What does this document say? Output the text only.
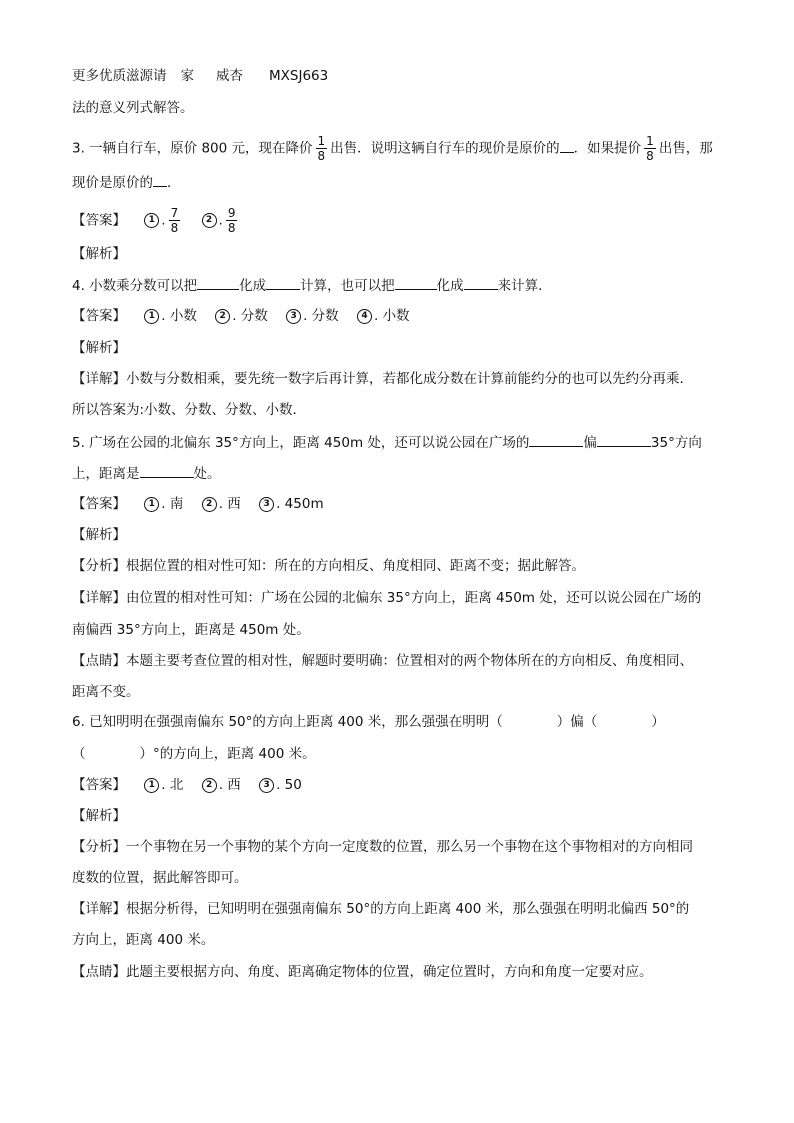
更多优质滋源请 家 威杏 MXSJ663
法的意义列式解答。
3. 一辆自行车，原价 800 元，现在降价 $\frac{1}{8}$ 出售．说明这辆自行车的现价是原价的 ．如果提价 $\frac{1}{8}$ 出售，那
现价是原价的 ．
【答案】	1 . $\frac{7}{8}$	2 . $\frac{9}{8}$
【解析】
4. 小数乘分数可以把	化成	计算，也可以把	化成	来计算．
【答案】	1 . 小数	2 . 分数	3 . 分数	4 . 小数
【解析】
【详解】小数与分数相乘，要先统一数字后再计算，若都化成分数在计算前能约分的也可以先约分再乘．
所以答案为:小数、分数、分数、小数．
5. 广场在公园的北偏东 35°方向上，距离 450m 处，还可以说公园在广场的	偏	35°方向
上，距离是	处。
【答案】	1 . 南	2 . 西	3 . 450m
【解析】
【分析】根据位置的相对性可知：所在的方向相反、角度相同、距离不变；据此解答。
【详解】由位置的相对性可知：广场在公园的北偏东 35°方向上，距离 450m 处，还可以说公园在广场的
南偏西 35°方向上，距离是 450m 处。
【点睛】本题主要考查位置的相对性，解题时要明确：位置相对的两个物体所在的方向相反、角度相同、
距离不变。
6. 已知明明在强强南偏东 50°的方向上距离 400 米，那么强强在明明（	）偏（	）
（	）°的方向上，距离 400 米。
【答案】	1 . 北	2 . 西	3 . 50
【解析】
【分析】一个事物在另一个事物的某个方向一定度数的位置，那么另一个事物在这个事物相对的方向相同
度数的位置，据此解答即可。
【详解】根据分析得，已知明明在强强南偏东 50°的方向上距离 400 米，那么强强在明明北偏西 50°的
方向上，距离 400 米。
【点睛】此题主要根据方向、角度、距离确定物体的位置，确定位置时，方向和角度一定要对应。
